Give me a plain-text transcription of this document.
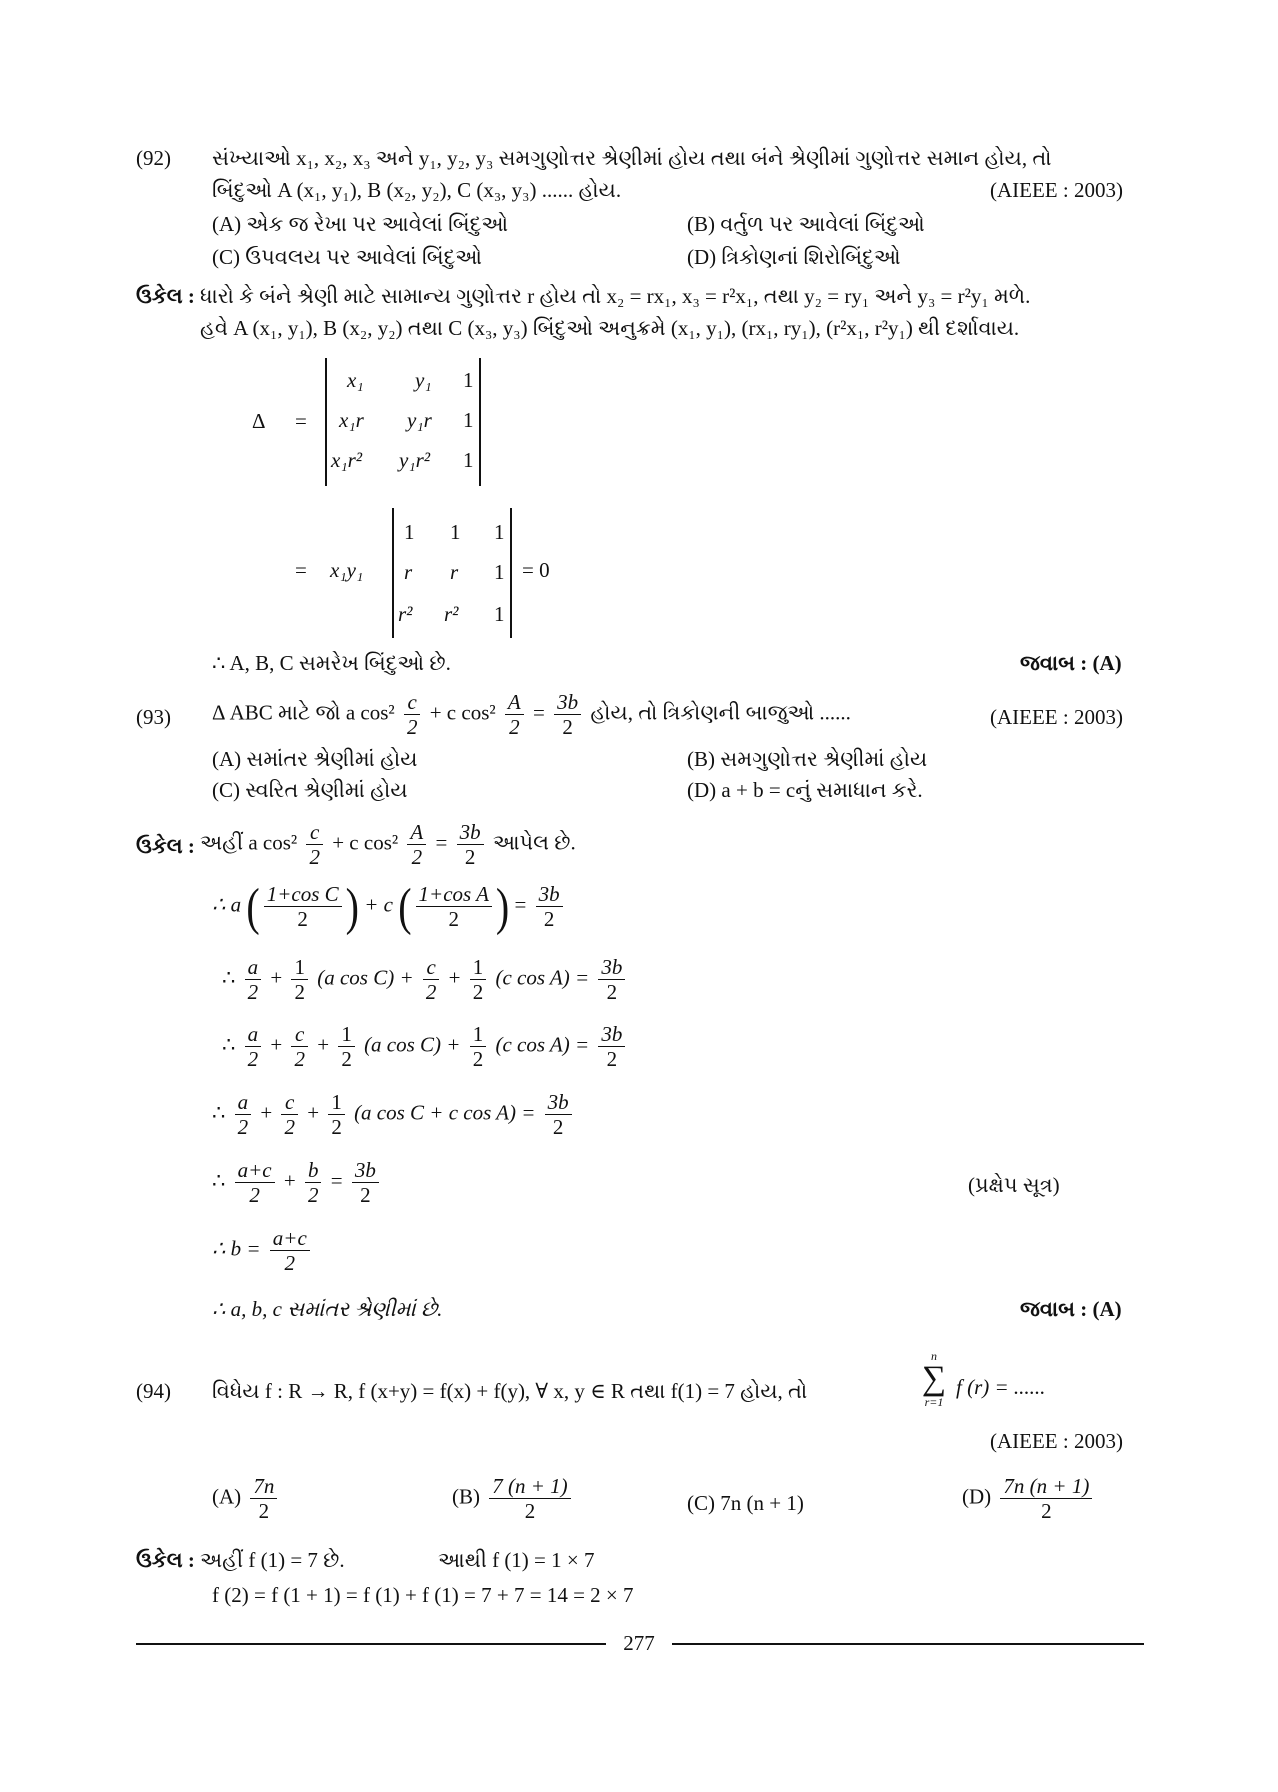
(92) સંખ્યાઓ x₁, x₂, x₃ અને y₁, y₂, y₃ સમગુણોત્તર શ્રેણીમાં હોય તથા બંને શ્રેણીમાં ગુણોત્તર સમાન હોય, તો
બિંદુઓ A (x₁, y₁), B (x₂, y₂), C (x₃, y₃) ...... હોય.	(AIEEE : 2003)
(A) એક જ રેખા પર આવેલાં બિંદુઓ	(B) વર્તુળ પર આવેલાં બિંદુઓ
(C) ઉપવલય પર આવેલાં બિંદુઓ	(D) ત્રિકોણનાં શિરોબિંદુઓ
ઉકેલ : ધારો કે બંને શ્રેણી માટે સામાન્ય ગુણોત્તર r હોય તો x₂ = rx₁, x₃ = r²x₁, તથા y₂ = ry₁ અને y₃ = r²y₁ મળે.
હવે A (x₁, y₁), B (x₂, y₂) તથા C (x₃, y₃) બિંદુઓ અનુક્રમે (x₁, y₁), (rx₁, ry₁), (r²x₁, r²y₁) થી દર્શાવાય.
Δ =
x₁ y₁ 1
x₁r y₁r 1
x₁r² y₁r² 1
= x₁y₁
1 1 1
r r 1
r² r² 1
= 0
∴ A, B, C સમરેખ બિંદુઓ છે.	જવાબ : (A)
(93) Δ ABC માટે જો a $\cos^2 \frac{c}{2} + c$ $\cos^2 \frac{A}{2} = \frac{3b}{2}$ હોય, તો ત્રિકોણની બાજુઓ ......	(AIEEE : 2003)
(A) સમાંતર શ્રેણીમાં હોય	(B) સમગુણોત્તર શ્રેણીમાં હોય
(C) સ્વરિત શ્રેણીમાં હોય	(D) a + b = cનું સમાધાન કરે.
ઉકેલ : અહીં a $\cos^2 \frac{c}{2} + c$ $\cos^2 \frac{A}{2} = \frac{3b}{2}$ આપેલ છે.
∴ a ( $\frac{\text{1+cos C}}{2}$ ) + c ( $\frac{\text{1+cos A}}{2}$ ) = $\frac{3b}{2}$
∴ $\frac{a}{2} + \frac{1}{2} (a$ $\cos C) + \frac{c}{2} + \frac{1}{2} (c$ $\cos A) = \frac{3b}{2}$
∴ $\frac{a}{2} + \frac{c}{2} + \frac{1}{2} (a$ $\cos C) + \frac{1}{2} (c$ $\cos A) = \frac{3b}{2}$
∴ $\frac{a}{2} + \frac{c}{2} + \frac{1}{2} (a$ cos C + c $\cos A) = \frac{3b}{2}$
∴ $\frac{a+c}{2} + \frac{b}{2} = \frac{3b}{2}$	(પ્રક્ષેપ સૂત્ર)
∴ $b = \frac{a+c}{2}$
∴ a, b, c સમાંતર શ્રેણીમાં છે.	જવાબ : (A)
(94) વિધેય f : R → R, f (x+y) = f(x) + f(y), ∀ x, y ∈ R તથા f(1) = 7 હોય, તો
n
∑
r=1
f (r) = ......
(AIEEE : 2003)
$(A) \frac{7n}{2}$	$(B) \frac{7 (n + 1)}{2}$	(C) 7n (n + 1)	$(D) \frac{7n (n + 1)}{2}$
ઉકેલ : અહીં f (1) = 7 છે.	આથી f (1) = 1 × 7
f (2) = f (1 + 1) = f (1) + f (1) = 7 + 7 = 14 = 2 × 7
277
